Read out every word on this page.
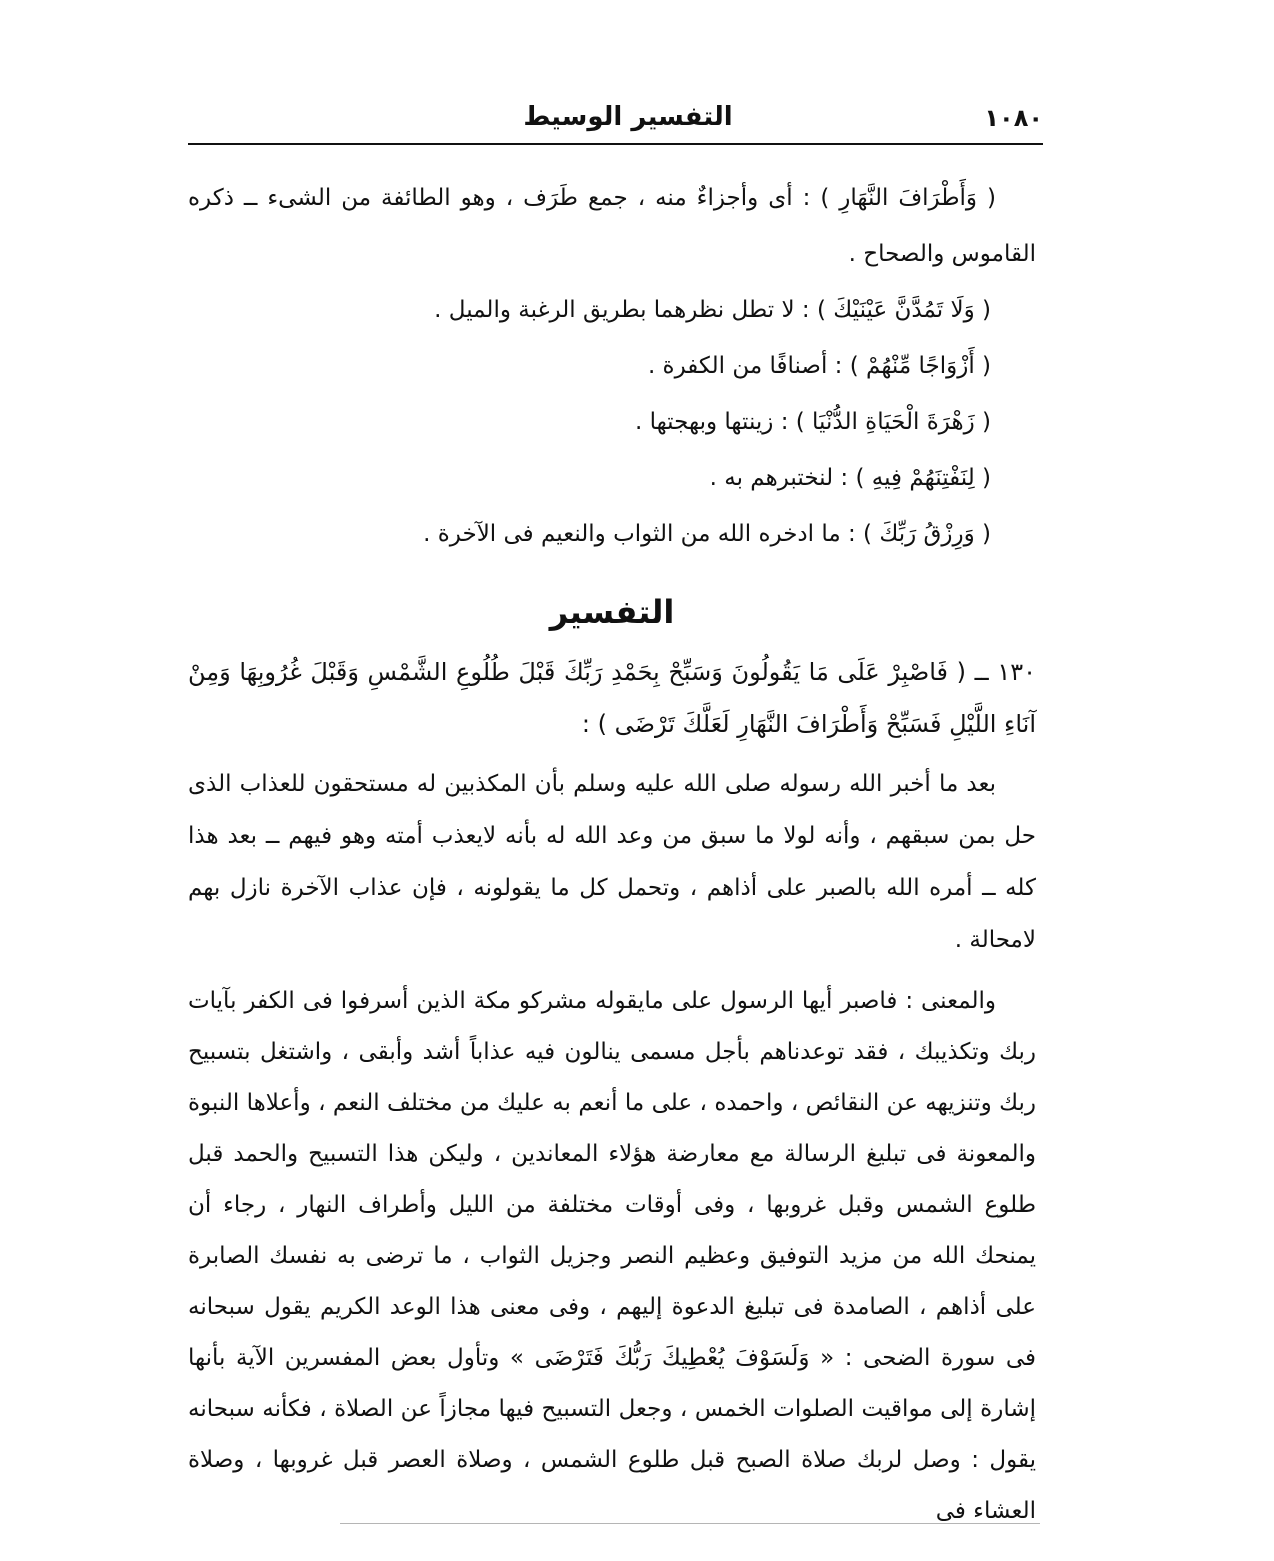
١٠٨٠
التفسير الوسيط

( وَأَطْرَافَ النَّهَارِ ) : أى وأجزاءٌ منه ، جمع طَرَف ، وهو الطائفة من الشىء ــ ذكره القاموس والصحاح .

( وَلَا تَمُدَّنَّ عَيْنَيْكَ ) : لا تطل نظرهما بطريق الرغبة والميل .

( أَزْوَاجًا مِّنْهُمْ ) : أصنافًا من الكفرة .

( زَهْرَةَ الْحَيَاةِ الدُّنْيَا ) : زينتها وبهجتها .

( لِنَفْتِنَهُمْ فِيهِ ) : لنختبرهم به .

( وَرِزْقُ رَبِّكَ ) : ما ادخره الله من الثواب والنعيم فى الآخرة .

التفسير

١٣٠ ــ ( فَاصْبِرْ عَلَى مَا يَقُولُونَ وَسَبِّحْ بِحَمْدِ رَبِّكَ قَبْلَ طُلُوعِ الشَّمْسِ وَقَبْلَ غُرُوبِهَا وَمِنْ آنَاءِ اللَّيْلِ فَسَبِّحْ وَأَطْرَافَ النَّهَارِ لَعَلَّكَ تَرْضَى ) :

بعد ما أخبر الله رسوله صلى الله عليه وسلم بأن المكذبين له مستحقون للعذاب الذى حل بمن سبقهم ، وأنه لولا ما سبق من وعد الله له بأنه لايعذب أمته وهو فيهم ــ بعد هذا كله ــ أمره الله بالصبر على أذاهم ، وتحمل كل ما يقولونه ، فإن عذاب الآخرة نازل بهم لامحالة .

والمعنى : فاصبر أيها الرسول على مايقوله مشركو مكة الذين أسرفوا فى الكفر بآيات ربك وتكذيبك ، فقد توعدناهم بأجل مسمى ينالون فيه عذاباً أشد وأبقى ، واشتغل بتسبيح ربك وتنزيهه عن النقائص ، واحمده ، على ما أنعم به عليك من مختلف النعم ، وأعلاها النبوة والمعونة فى تبليغ الرسالة مع معارضة هؤلاء المعاندين ، وليكن هذا التسبيح والحمد قبل طلوع الشمس وقبل غروبها ، وفى أوقات مختلفة من الليل وأطراف النهار ، رجاء أن يمنحك الله من مزيد التوفيق وعظيم النصر وجزيل الثواب ، ما ترضى به نفسك الصابرة على أذاهم ، الصامدة فى تبليغ الدعوة إليهم ، وفى معنى هذا الوعد الكريم يقول سبحانه فى سورة الضحى : « وَلَسَوْفَ يُعْطِيكَ رَبُّكَ فَتَرْضَى » وتأول بعض المفسرين الآية بأنها إشارة إلى مواقيت الصلوات الخمس ، وجعل التسبيح فيها مجازاً عن الصلاة ، فكأنه سبحانه يقول : وصل لربك صلاة الصبح قبل طلوع الشمس ، وصلاة العصر قبل غروبها ، وصلاة العشاء فى
